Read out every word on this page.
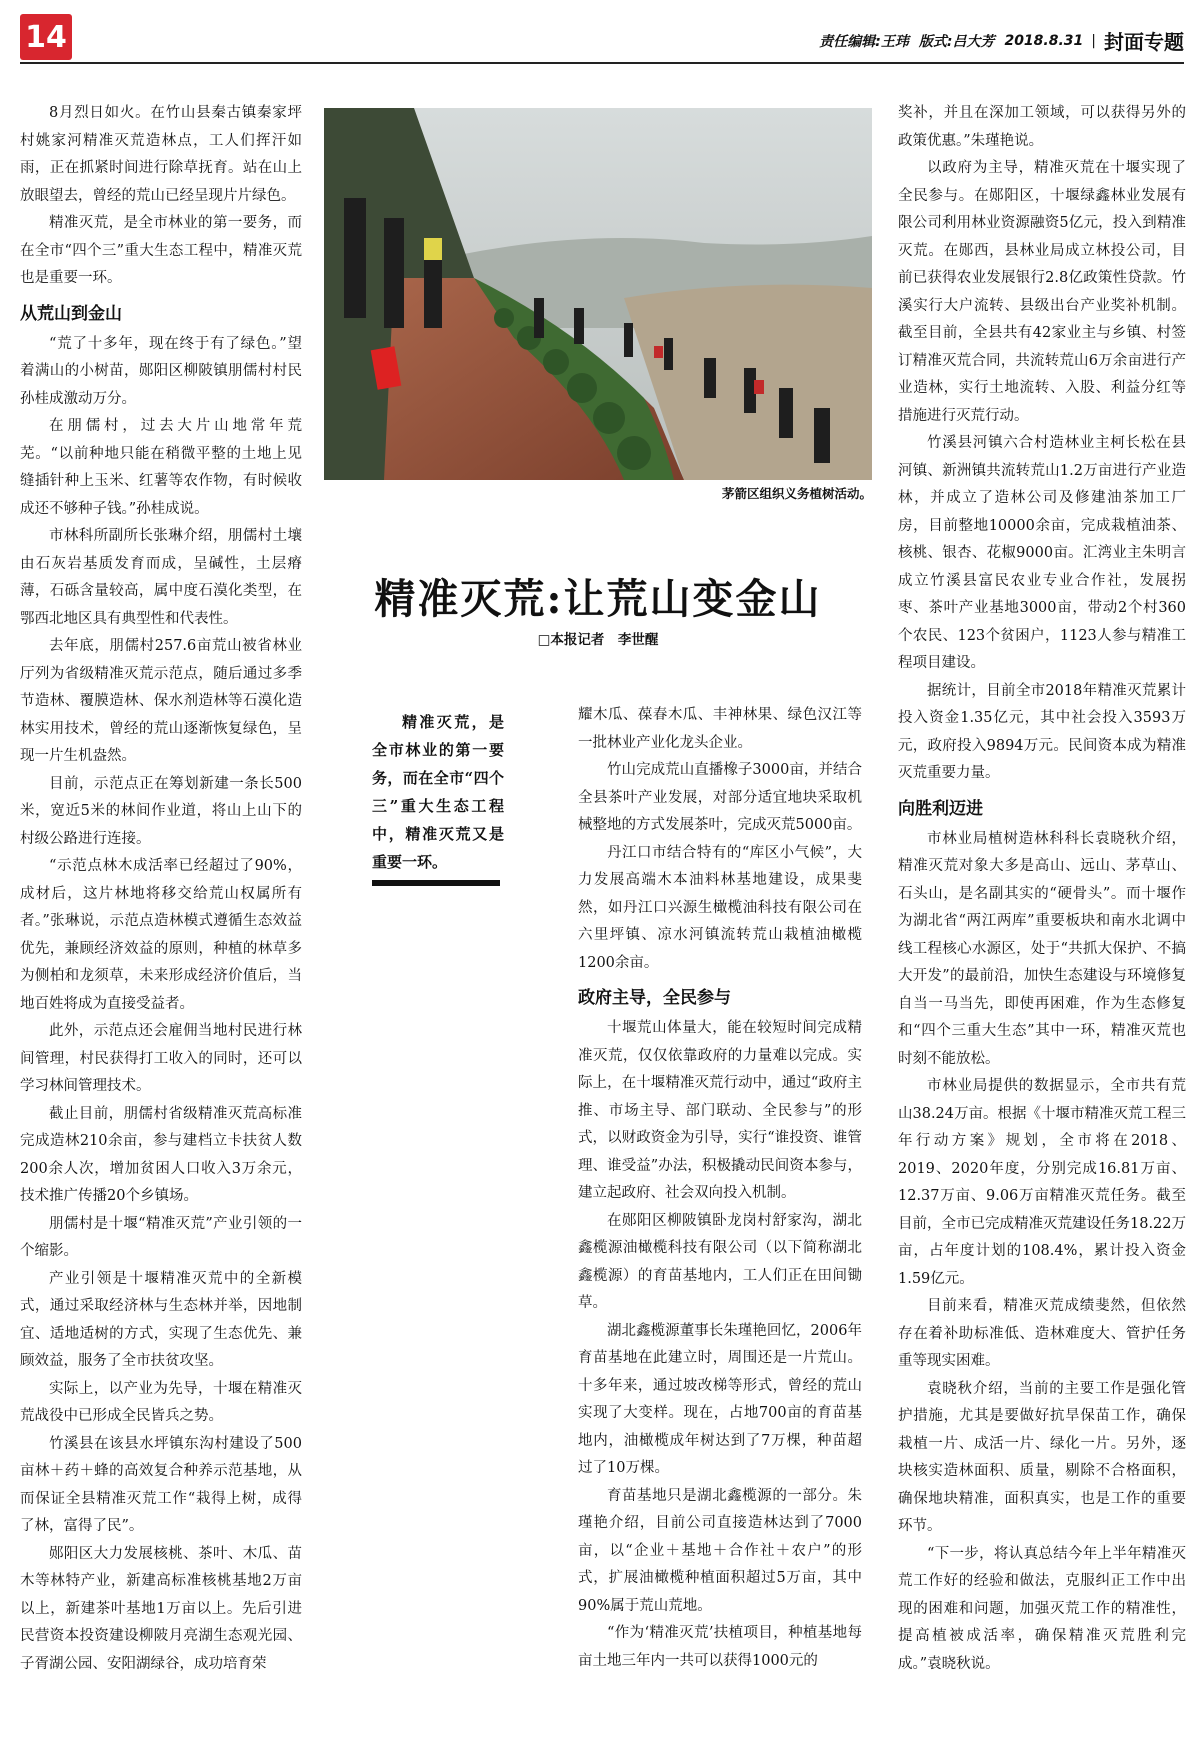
14	责任编辑:王玮 版式:吕大芳 2018.8.31 | 封面专题

8月烈日如火。在竹山县秦古镇秦家坪村姚家河精准灭荒造林点，工人们挥汗如雨，正在抓紧时间进行除草抚育。站在山上放眼望去，曾经的荒山已经呈现片片绿色。

精准灭荒，是全市林业的第一要务，而在全市“四个三”重大生态工程中，精准灭荒也是重要一环。

从荒山到金山

“荒了十多年，现在终于有了绿色。”望着满山的小树苗，郧阳区柳陂镇朋儒村村民孙桂成激动万分。

在朋儒村，过去大片山地常年荒芜。“以前种地只能在稍微平整的土地上见缝插针种上玉米、红薯等农作物，有时候收成还不够种子钱。”孙桂成说。

市林科所副所长张琳介绍，朋儒村土壤由石灰岩基质发育而成，呈碱性，土层瘠薄，石砾含量较高，属中度石漠化类型，在鄂西北地区具有典型性和代表性。

去年底，朋儒村257.6亩荒山被省林业厅列为省级精准灭荒示范点，随后通过多季节造林、覆膜造林、保水剂造林等石漠化造林实用技术，曾经的荒山逐渐恢复绿色，呈现一片生机盎然。

目前，示范点正在筹划新建一条长500米，宽近5米的林间作业道，将山上山下的村级公路进行连接。

“示范点林木成活率已经超过了90%，成材后，这片林地将移交给荒山权属所有者。”张琳说，示范点造林模式遵循生态效益优先，兼顾经济效益的原则，种植的林草多为侧柏和龙须草，未来形成经济价值后，当地百姓将成为直接受益者。

此外，示范点还会雇佣当地村民进行林间管理，村民获得打工收入的同时，还可以学习林间管理技术。

截止目前，朋儒村省级精准灭荒高标准完成造林210余亩，参与建档立卡扶贫人数200余人次，增加贫困人口收入3万余元，技术推广传播20个乡镇场。

朋儒村是十堰“精准灭荒”产业引领的一个缩影。

产业引领是十堰精准灭荒中的全新模式，通过采取经济林与生态林并举，因地制宜、适地适树的方式，实现了生态优先、兼顾效益，服务了全市扶贫攻坚。

实际上，以产业为先导，十堰在精准灭荒战役中已形成全民皆兵之势。

竹溪县在该县水坪镇东沟村建设了500亩林＋药＋蜂的高效复合种养示范基地，从而保证全县精准灭荒工作“栽得上树，成得了林，富得了民”。

郧阳区大力发展核桃、茶叶、木瓜、苗木等林特产业，新建高标准核桃基地2万亩以上，新建茶叶基地1万亩以上。先后引进民营资本投资建设柳陂月亮湖生态观光园、子胥湖公园、安阳湖绿谷，成功培育荣

茅箭区组织义务植树活动。
精准灭荒:让荒山变金山
□本报记者　李世醒

精准灭荒，是全市林业的第一要务，而在全市“四个三”重大生态工程中，精准灭荒又是重要一环。

耀木瓜、葆春木瓜、丰神林果、绿色汉江等一批林业产业化龙头企业。

竹山完成荒山直播橡子3000亩，并结合全县茶叶产业发展，对部分适宜地块采取机械整地的方式发展茶叶，完成灭荒5000亩。

丹江口市结合特有的“库区小气候”，大力发展高端木本油料林基地建设，成果斐然，如丹江口兴源生橄榄油科技有限公司在六里坪镇、凉水河镇流转荒山栽植油橄榄1200余亩。

政府主导，全民参与

十堰荒山体量大，能在较短时间完成精准灭荒，仅仅依靠政府的力量难以完成。实际上，在十堰精准灭荒行动中，通过“政府主推、市场主导、部门联动、全民参与”的形式，以财政资金为引导，实行“谁投资、谁管理、谁受益”办法，积极撬动民间资本参与，建立起政府、社会双向投入机制。

在郧阳区柳陂镇卧龙岗村舒家沟，湖北鑫榄源油橄榄科技有限公司（以下简称湖北鑫榄源）的育苗基地内，工人们正在田间锄草。

湖北鑫榄源董事长朱瑾艳回忆，2006年育苗基地在此建立时，周围还是一片荒山。十多年来，通过坡改梯等形式，曾经的荒山实现了大变样。现在，占地700亩的育苗基地内，油橄榄成年树达到了7万棵，种苗超过了10万棵。

育苗基地只是湖北鑫榄源的一部分。朱瑾艳介绍，目前公司直接造林达到了7000亩，以“企业＋基地＋合作社＋农户”的形式，扩展油橄榄种植面积超过5万亩，其中90%属于荒山荒地。

“作为‘精准灭荒’扶植项目，种植基地每亩土地三年内一共可以获得1000元的

奖补，并且在深加工领域，可以获得另外的政策优惠。”朱瑾艳说。

以政府为主导，精准灭荒在十堰实现了全民参与。在郧阳区，十堰绿鑫林业发展有限公司利用林业资源融资5亿元，投入到精准灭荒。在郧西，县林业局成立林投公司，目前已获得农业发展银行2.8亿政策性贷款。竹溪实行大户流转、县级出台产业奖补机制。截至目前，全县共有42家业主与乡镇、村签订精准灭荒合同，共流转荒山6万余亩进行产业造林，实行土地流转、入股、利益分红等措施进行灭荒行动。

竹溪县河镇六合村造林业主柯长松在县河镇、新洲镇共流转荒山1.2万亩进行产业造林，并成立了造林公司及修建油茶加工厂房，目前整地10000余亩，完成栽植油茶、核桃、银杏、花椒9000亩。汇湾业主朱明言成立竹溪县富民农业专业合作社，发展拐枣、茶叶产业基地3000亩，带动2个村360个农民、123个贫困户，1123人参与精准工程项目建设。

据统计，目前全市2018年精准灭荒累计投入资金1.35亿元，其中社会投入3593万元，政府投入9894万元。民间资本成为精准灭荒重要力量。

向胜利迈进

市林业局植树造林科科长袁晓秋介绍，精准灭荒对象大多是高山、远山、茅草山、石头山，是名副其实的“硬骨头”。而十堰作为湖北省“两江两库”重要板块和南水北调中线工程核心水源区，处于“共抓大保护、不搞大开发”的最前沿，加快生态建设与环境修复自当一马当先，即使再困难，作为生态修复和“四个三重大生态”其中一环，精准灭荒也时刻不能放松。

市林业局提供的数据显示，全市共有荒山38.24万亩。根据《十堰市精准灭荒工程三年行动方案》规划，全市将在2018、2019、2020年度，分别完成16.81万亩、12.37万亩、9.06万亩精准灭荒任务。截至目前，全市已完成精准灭荒建设任务18.22万亩，占年度计划的108.4%，累计投入资金1.59亿元。

目前来看，精准灭荒成绩斐然，但依然存在着补助标准低、造林难度大、管护任务重等现实困难。

袁晓秋介绍，当前的主要工作是强化管护措施，尤其是要做好抗旱保苗工作，确保栽植一片、成活一片、绿化一片。另外，逐块核实造林面积、质量，剔除不合格面积，确保地块精准，面积真实，也是工作的重要环节。

“下一步，将认真总结今年上半年精准灭荒工作好的经验和做法，克服纠正工作中出现的困难和问题，加强灭荒工作的精准性，提高植被成活率，确保精准灭荒胜利完成。”袁晓秋说。
